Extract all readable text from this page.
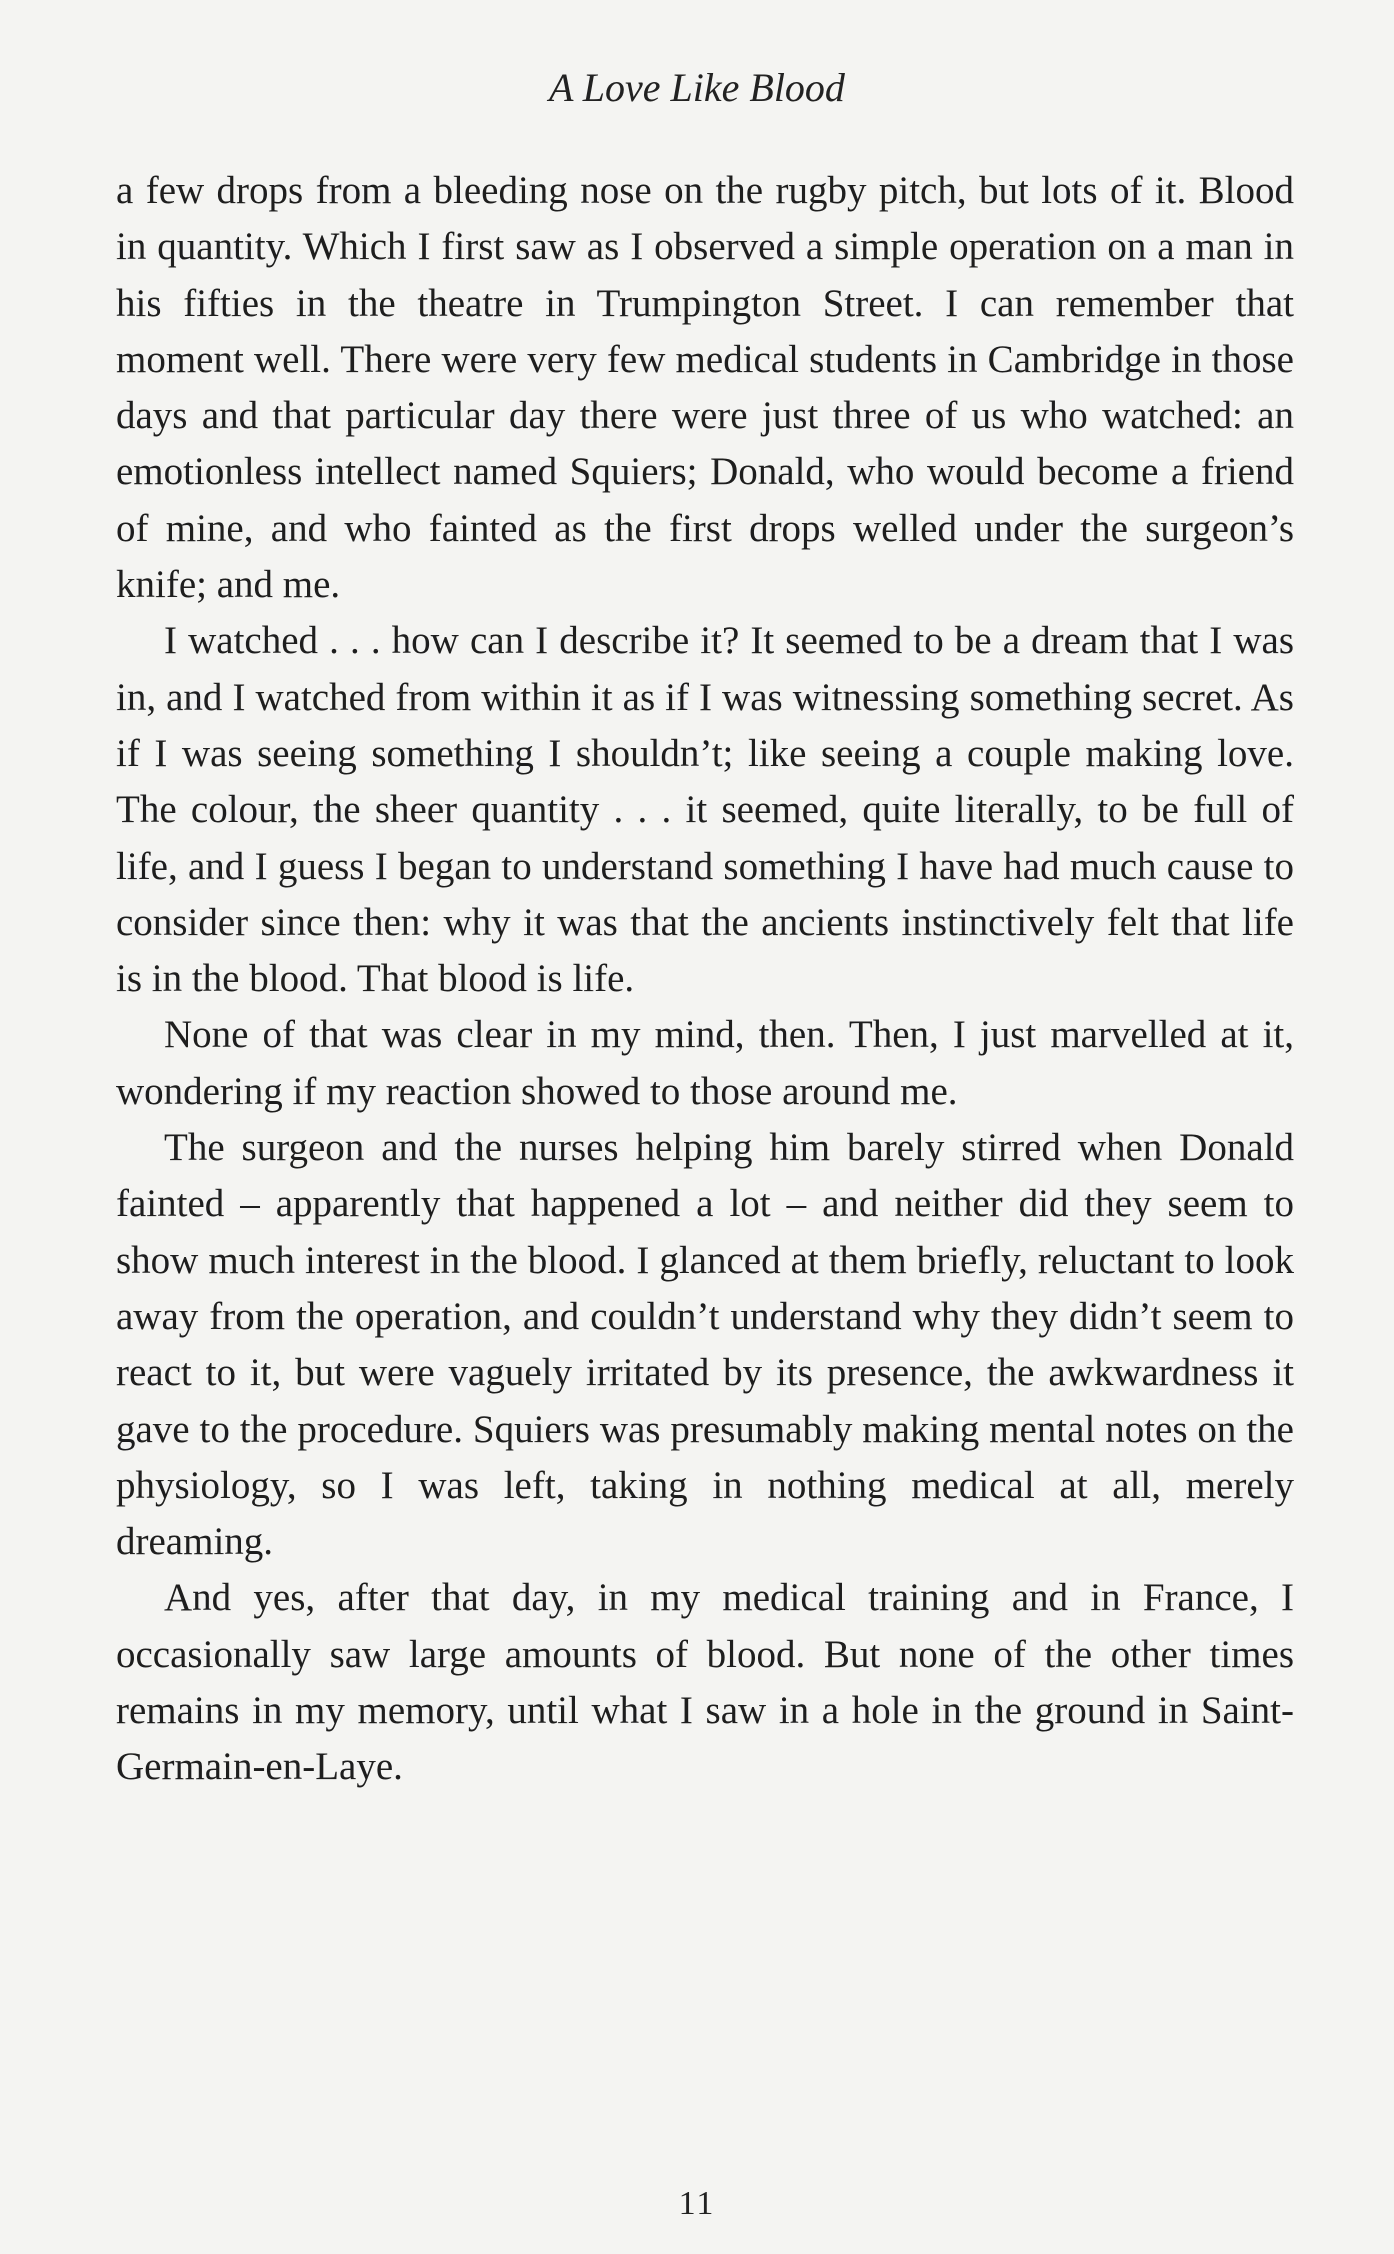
A Love Like Blood

a few drops from a bleeding nose on the rugby pitch, but lots of it. Blood in quantity. Which I first saw as I observed a simple operation on a man in his fifties in the theatre in Trumpington Street. I can remember that moment well. There were very few medical students in Cambridge in those days and that particular day there were just three of us who watched: an emotionless intellect named Squiers; Donald, who would become a friend of mine, and who fainted as the first drops welled under the surgeon’s knife; and me.

I watched . . . how can I describe it? It seemed to be a dream that I was in, and I watched from within it as if I was witnessing something secret. As if I was seeing something I shouldn’t; like seeing a couple making love. The colour, the sheer quantity . . . it seemed, quite literally, to be full of life, and I guess I began to understand something I have had much cause to consider since then: why it was that the ancients instinctively felt that life is in the blood. That blood is life.

None of that was clear in my mind, then. Then, I just marvelled at it, wondering if my reaction showed to those around me.

The surgeon and the nurses helping him barely stirred when Donald fainted – apparently that happened a lot – and neither did they seem to show much interest in the blood. I glanced at them briefly, reluctant to look away from the operation, and couldn’t understand why they didn’t seem to react to it, but were vaguely irritated by its presence, the awkwardness it gave to the procedure. Squiers was presumably making mental notes on the physiology, so I was left, taking in nothing medical at all, merely dreaming.

And yes, after that day, in my medical training and in France, I occasionally saw large amounts of blood. But none of the other times remains in my memory, until what I saw in a hole in the ground in Saint-Germain-en-Laye.

11
